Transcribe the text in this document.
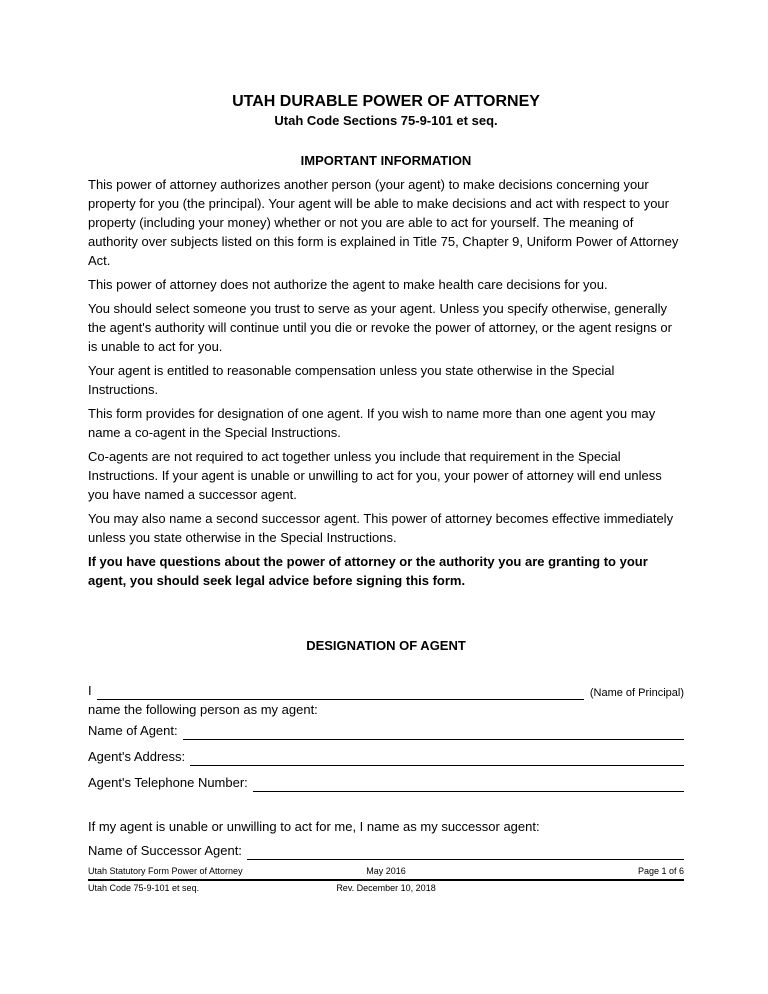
UTAH DURABLE POWER OF ATTORNEY
Utah Code Sections 75-9-101 et seq.
IMPORTANT INFORMATION

This power of attorney authorizes another person (your agent) to make decisions concerning your property for you (the principal). Your agent will be able to make decisions and act with respect to your property (including your money) whether or not you are able to act for yourself. The meaning of authority over subjects listed on this form is explained in Title 75, Chapter 9, Uniform Power of Attorney Act.

This power of attorney does not authorize the agent to make health care decisions for you.

You should select someone you trust to serve as your agent. Unless you specify otherwise, generally the agent's authority will continue until you die or revoke the power of attorney, or the agent resigns or is unable to act for you.

Your agent is entitled to reasonable compensation unless you state otherwise in the Special Instructions.

This form provides for designation of one agent. If you wish to name more than one agent you may name a co-agent in the Special Instructions.

Co-agents are not required to act together unless you include that requirement in the Special Instructions. If your agent is unable or unwilling to act for you, your power of attorney will end unless you have named a successor agent.

You may also name a second successor agent. This power of attorney becomes effective immediately unless you state otherwise in the Special Instructions.

If you have questions about the power of attorney or the authority you are granting to your agent, you should seek legal advice before signing this form.

DESIGNATION OF AGENT
I	(Name of Principal)

name the following person as my agent:

Name of Agent:
Agent's Address:
Agent's Telephone Number:

If my agent is unable or unwilling to act for me, I name as my successor agent:

Name of Successor Agent:
Utah Statutory Form Power of Attorney	May 2016	Page 1 of 6
Utah Code 75-9-101 et seq.	Rev. December 10, 2018
